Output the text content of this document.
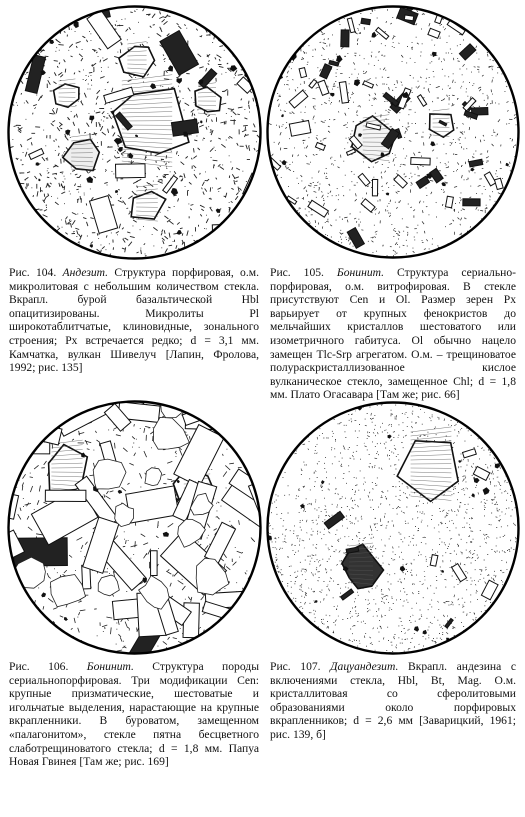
Рис. 104. Андезит. Структура порфировая, о.м. микролитовая с небольшим количеством стекла. Вкрапл. бурой базальтической Hbl опацитизированы. Микролиты Pl широкотаблитчатые, клиновидные, зонального строения; Px встречается редко; d = 3,1 мм. Камчатка, вулкан Шивелуч [Лапин, Фролова, 1992; рис. 135]
Рис. 105. Бонинит. Структура сериально-порфировая, о.м. витрофировая. В стекле присутствуют Cen и Ol. Размер зерен Px варьирует от крупных фенокристов до мельчайших кристаллов шестоватого или изометричного габитуса. Ol обычно нацело замещен Tlc-Srp агрегатом. О.м. – трещиноватое полураскристаллизованное кислое вулканическое стекло, замещенное Chl; d = 1,8 мм. Плато Огасавара [Там же; рис. 66]
Рис. 106. Бонинит. Структура породы сериальнопорфировая. Три модификации Cen: крупные призматические, шестоватые и игольчатые выделения, нарастающие на крупные вкрапленники. В буроватом, замещенном «палагонитом», стекле пятна бесцветного слаботрещиноватого стекла; d = 1,8 мм. Папуа Новая Гвинея [Там же; рис. 169]
Рис. 107. Дацуандезит. Вкрапл. андезина с включениями стекла, Hbl, Bt, Mag. О.м. кристаллитовая со сферолитовыми образованиями около порфировых вкрапленников; d = 2,6 мм [Заварицкий, 1961; рис. 139, б]
